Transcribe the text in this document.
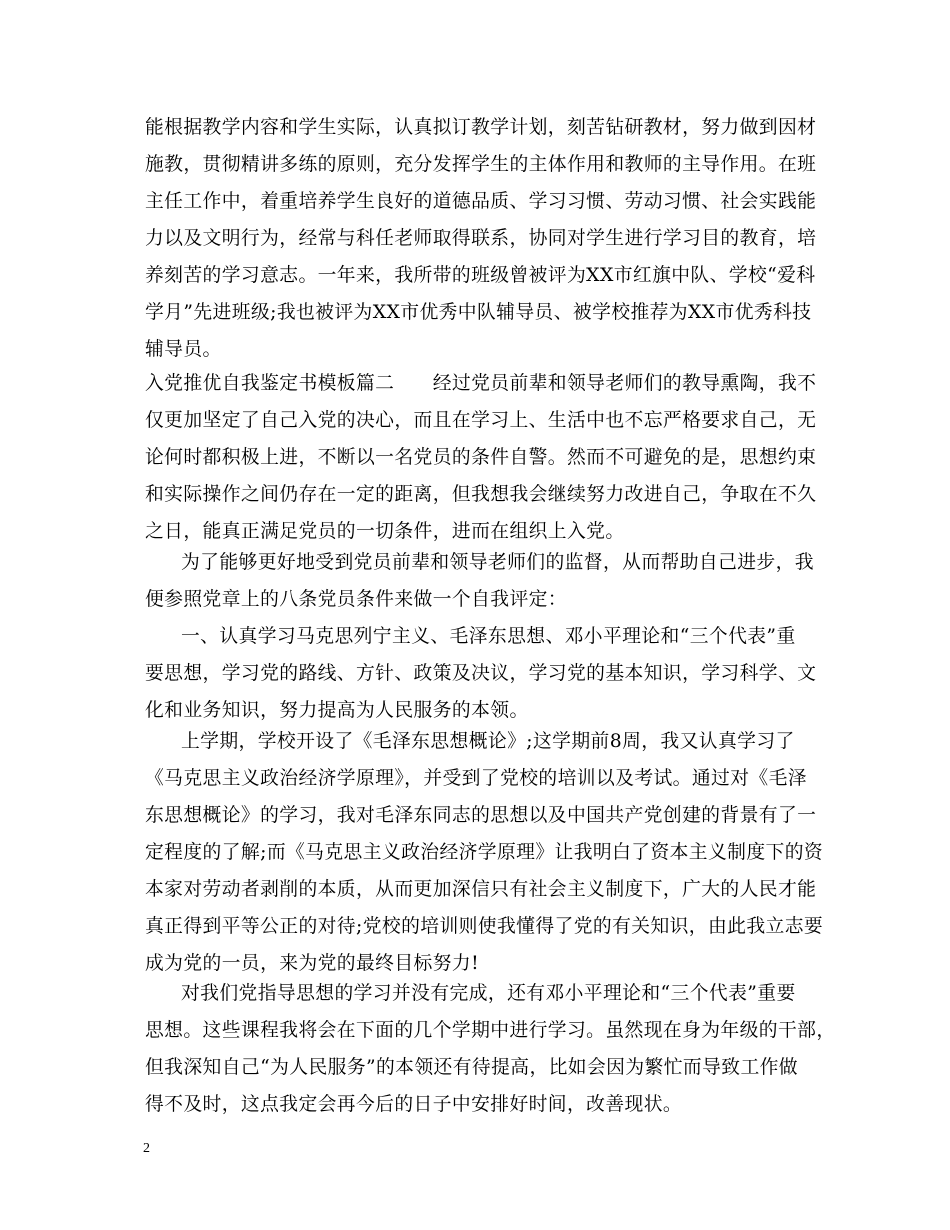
能根据教学内容和学生实际，认真拟订教学计划，刻苦钻研教材，努力做到因材
施教，贯彻精讲多练的原则，充分发挥学生的主体作用和教师的主导作用。在班
主任工作中，着重培养学生良好的道德品质、学习习惯、劳动习惯、社会实践能
力以及文明行为，经常与科任老师取得联系，协同对学生进行学习目的教育，培
养刻苦的学习意志。一年来，我所带的班级曾被评为XX市红旗中队、学校“爱科
学月”先进班级;我也被评为XX市优秀中队辅导员、被学校推荐为XX市优秀科技
辅导员。
入党推优自我鉴定书模板篇二　　经过党员前辈和领导老师们的教导熏陶，我不
仅更加坚定了自己入党的决心，而且在学习上、生活中也不忘严格要求自己，无
论何时都积极上进，不断以一名党员的条件自警。然而不可避免的是，思想约束
和实际操作之间仍存在一定的距离，但我想我会继续努力改进自己，争取在不久
之日，能真正满足党员的一切条件，进而在组织上入党。
为了能够更好地受到党员前辈和领导老师们的监督，从而帮助自己进步，我
便参照党章上的八条党员条件来做一个自我评定：
一、认真学习马克思列宁主义、毛泽东思想、邓小平理论和“三个代表”重
要思想，学习党的路线、方针、政策及决议，学习党的基本知识，学习科学、文
化和业务知识，努力提高为人民服务的本领。
上学期，学校开设了《毛泽东思想概论》;这学期前8周，我又认真学习了
《马克思主义政治经济学原理》，并受到了党校的培训以及考试。通过对《毛泽
东思想概论》的学习，我对毛泽东同志的思想以及中国共产党创建的背景有了一
定程度的了解;而《马克思主义政治经济学原理》让我明白了资本主义制度下的资
本家对劳动者剥削的本质，从而更加深信只有社会主义制度下，广大的人民才能
真正得到平等公正的对待;党校的培训则使我懂得了党的有关知识，由此我立志要
成为党的一员，来为党的最终目标努力!
对我们党指导思想的学习并没有完成，还有邓小平理论和“三个代表”重要
思想。这些课程我将会在下面的几个学期中进行学习。虽然现在身为年级的干部，
但我深知自己“为人民服务”的本领还有待提高，比如会因为繁忙而导致工作做
得不及时，这点我定会再今后的日子中安排好时间，改善现状。
2
